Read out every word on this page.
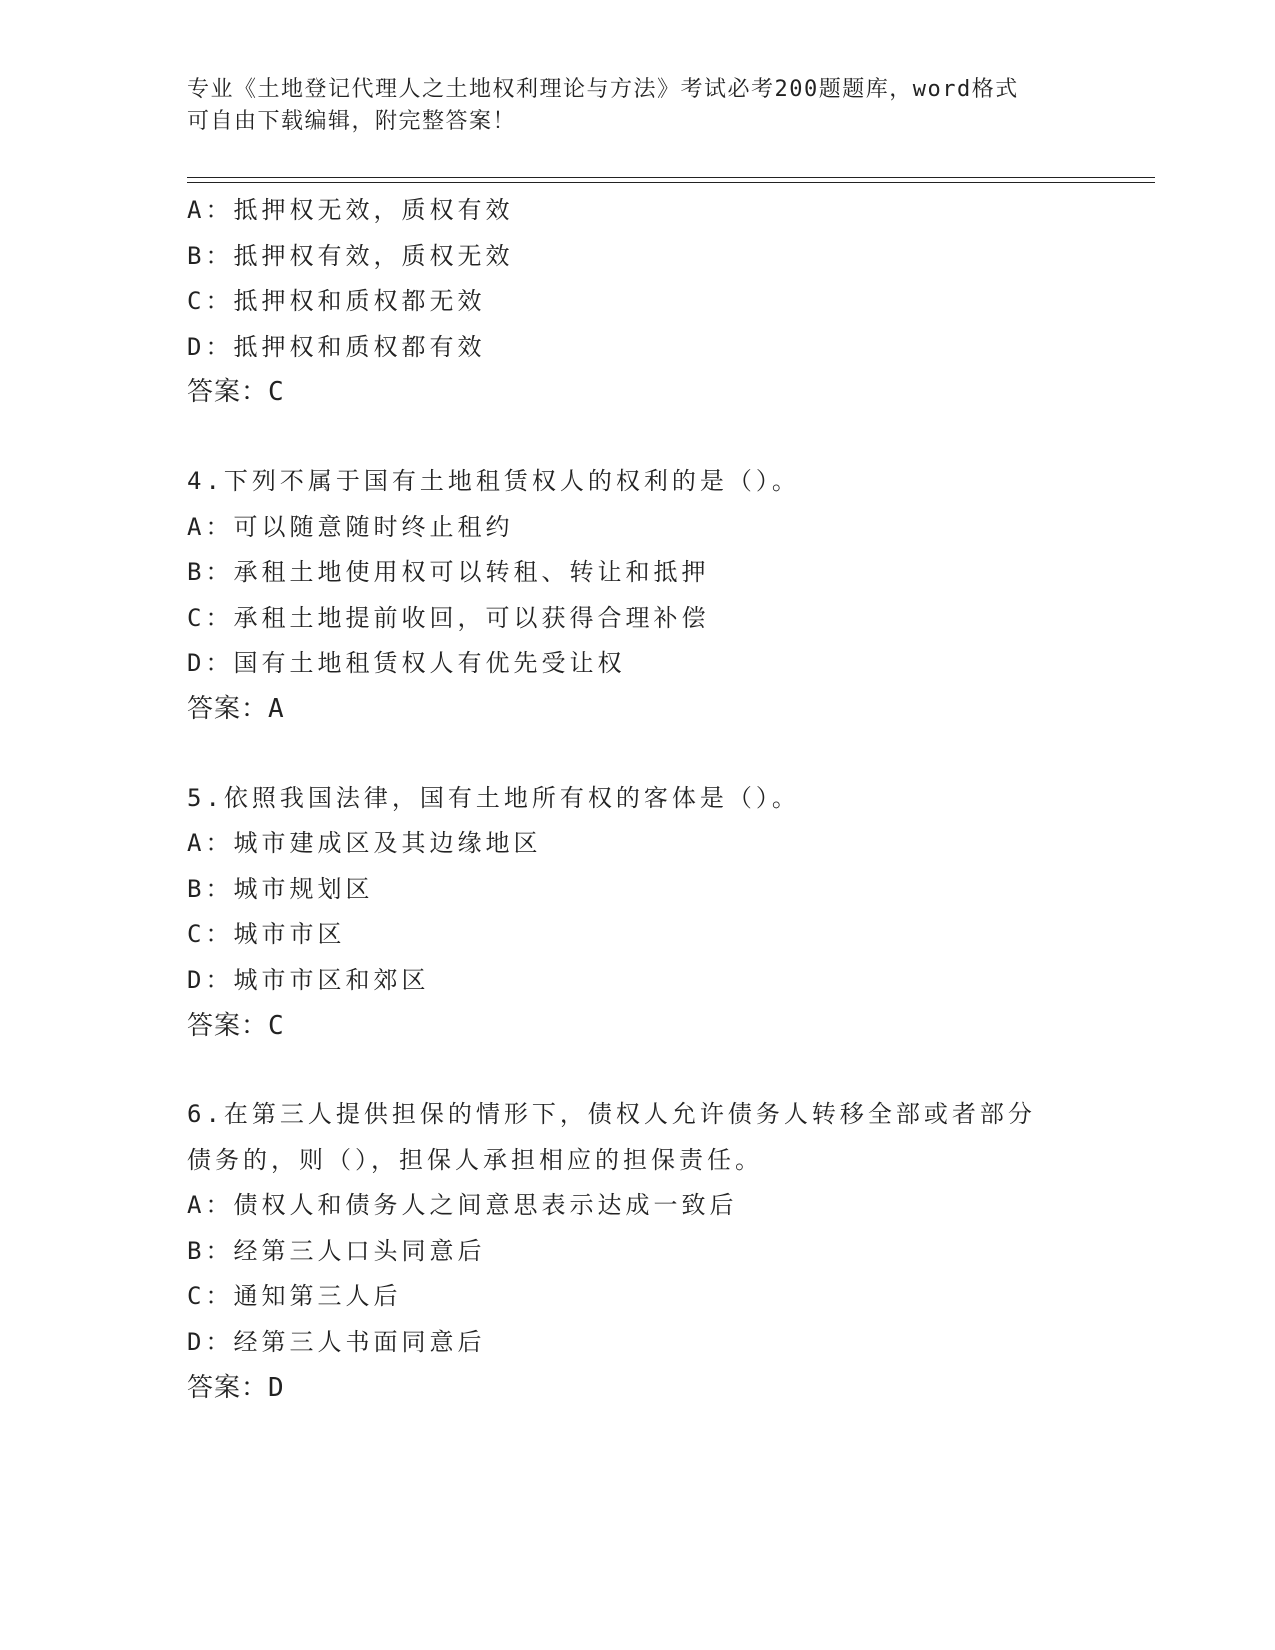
专业《土地登记代理人之土地权利理论与方法》考试必考200题题库，word格式
可自由下载编辑，附完整答案！
A：抵押权无效，质权有效
B：抵押权有效，质权无效
C：抵押权和质权都无效
D：抵押权和质权都有效
答案：C
4.下列不属于国有土地租赁权人的权利的是（）。
A：可以随意随时终止租约
B：承租土地使用权可以转租、转让和抵押
C：承租土地提前收回，可以获得合理补偿
D：国有土地租赁权人有优先受让权
答案：A
5.依照我国法律，国有土地所有权的客体是（）。
A：城市建成区及其边缘地区
B：城市规划区
C：城市市区
D：城市市区和郊区
答案：C
6.在第三人提供担保的情形下，债权人允许债务人转移全部或者部分
债务的，则（），担保人承担相应的担保责任。
A：债权人和债务人之间意思表示达成一致后
B：经第三人口头同意后
C：通知第三人后
D：经第三人书面同意后
答案：D
